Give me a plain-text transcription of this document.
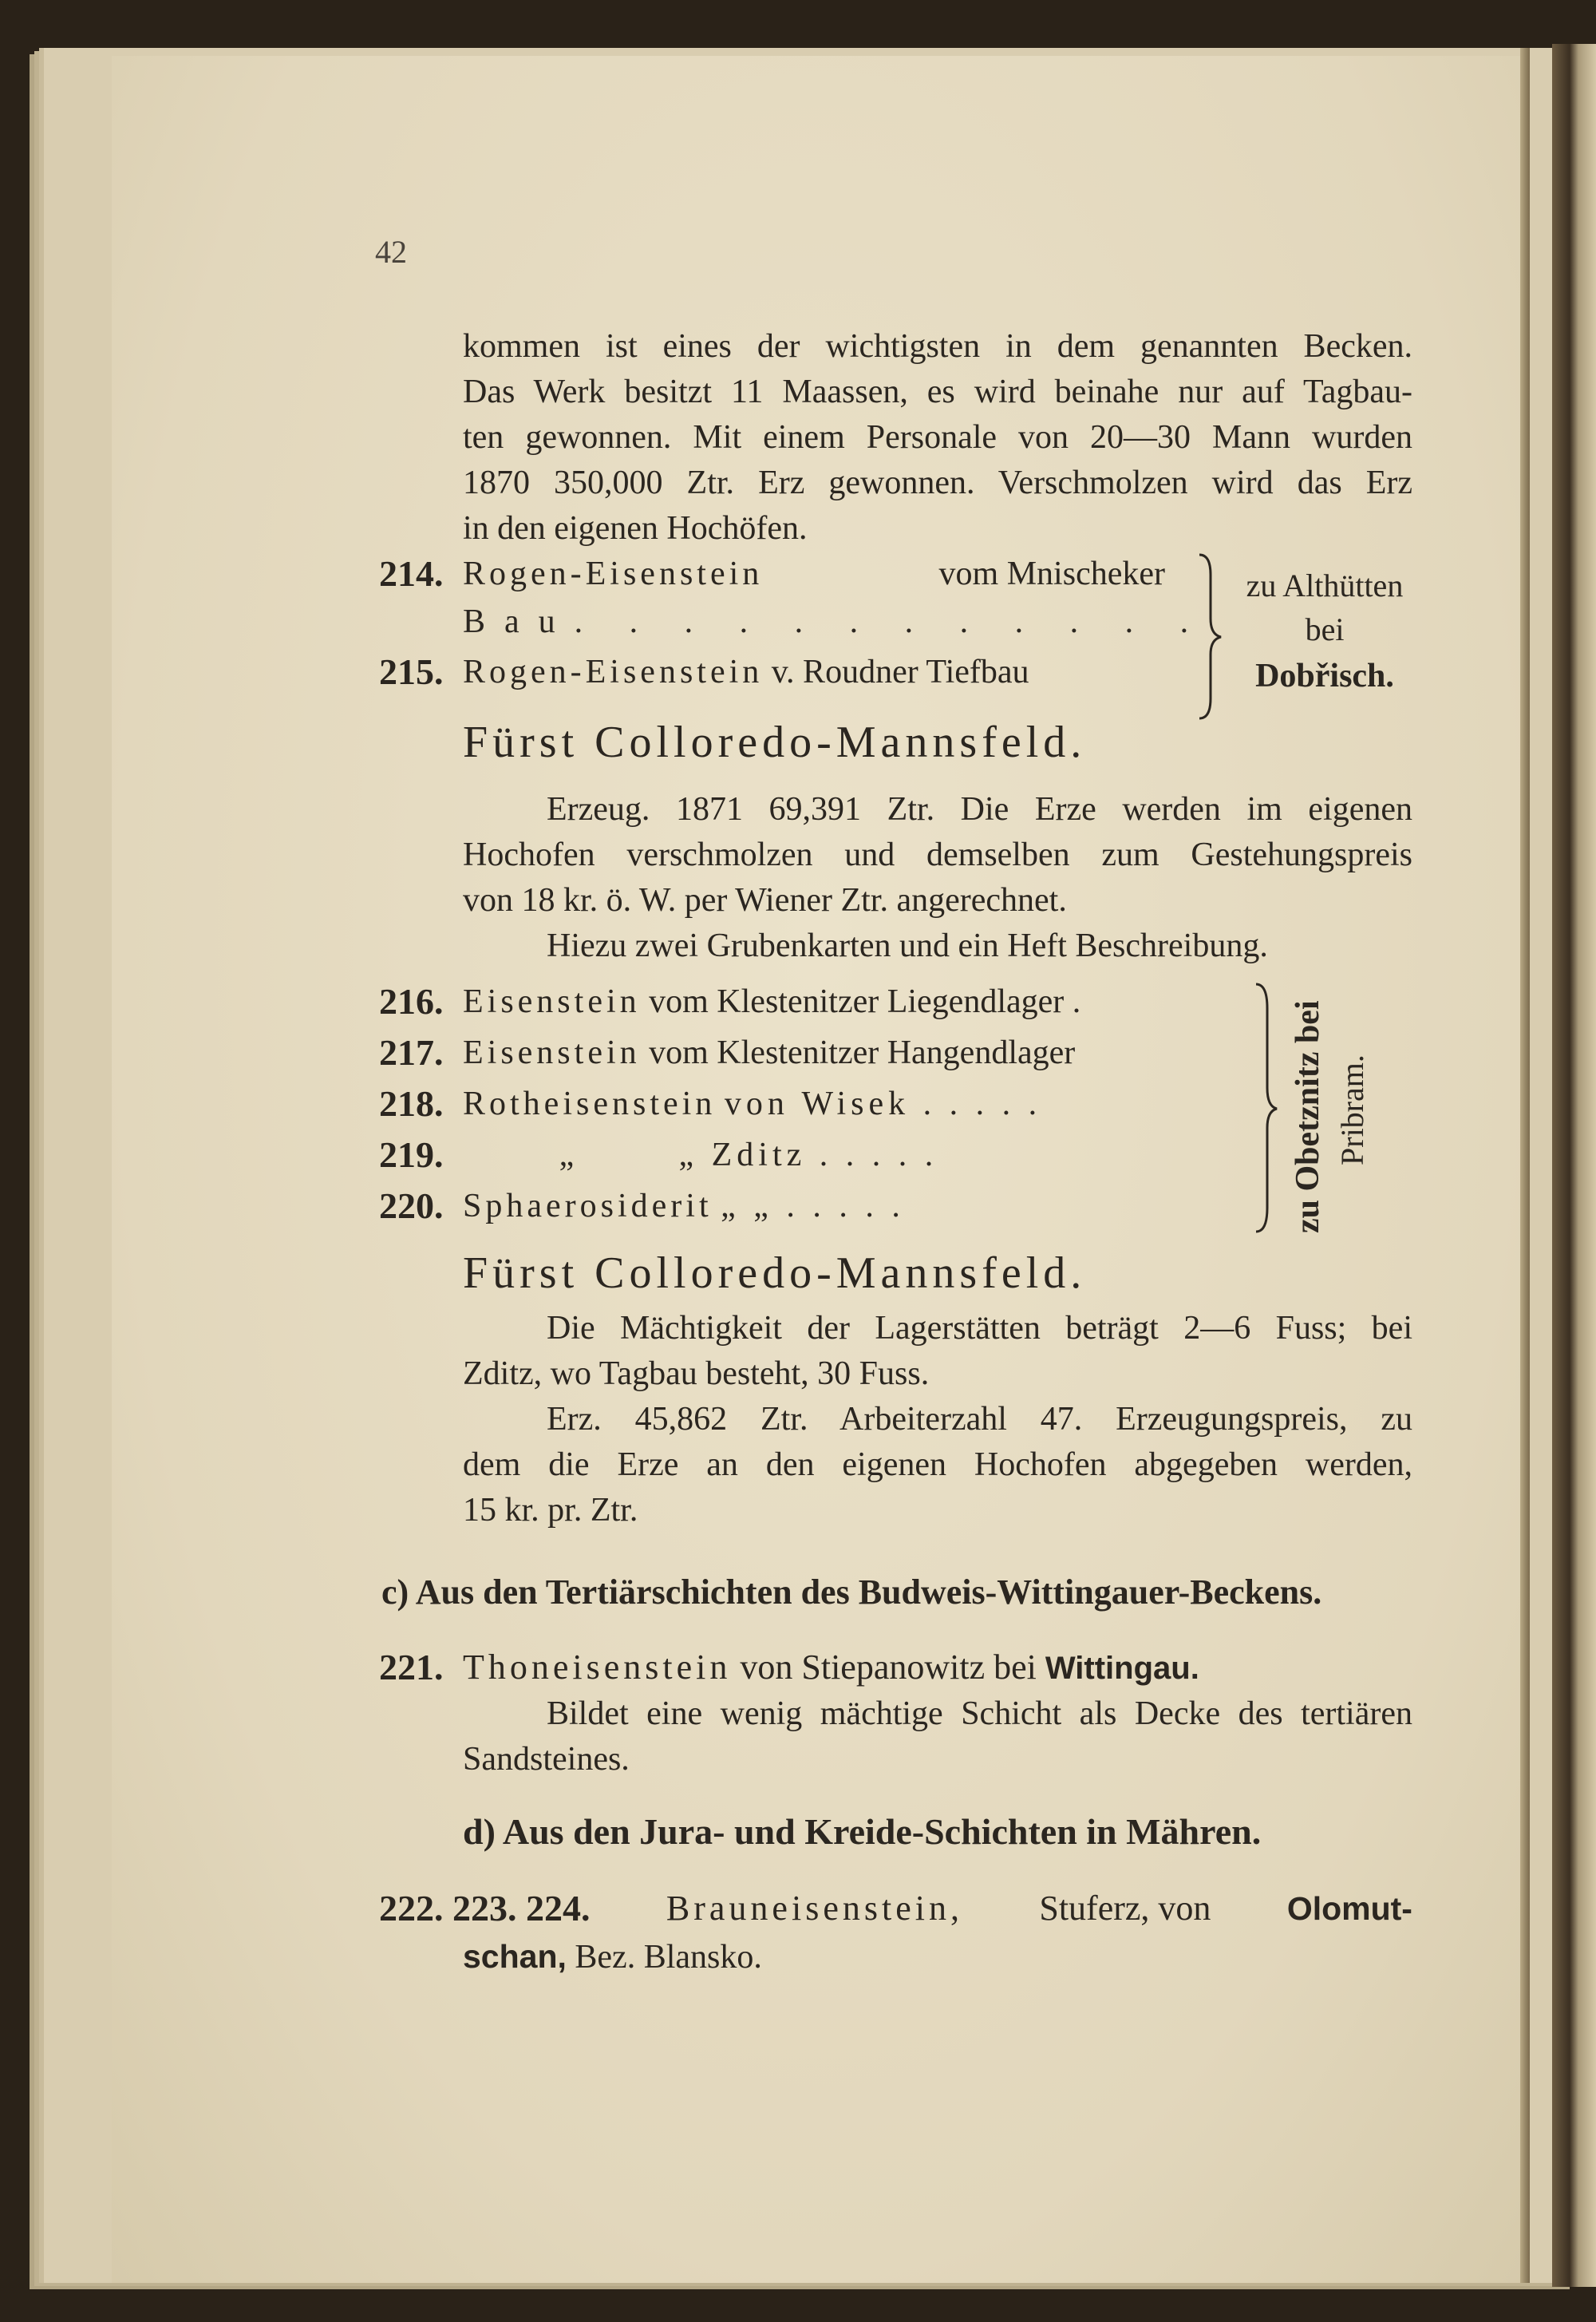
42
kommen ist eines der wichtigsten in dem genannten Becken.
Das Werk besitzt 11 Maassen, es wird beinahe nur auf Tagbau-
ten gewonnen. Mit einem Personale von 20—30 Mann wurden
1870 350,000 Ztr. Erz gewonnen. Verschmolzen wird das Erz
in den eigenen Hochöfen.
214. Rogen-Eisenstein	vom Mnischeker
Bau. . . . . . . . . . . .
215. Rogen-Eisenstein v. Roudner Tiefbau
zu Althütten
bei
Dobřisch.
Fürst Colloredo-Mannsfeld.
Erzeug. 1871 69,391 Ztr. Die Erze werden im eigenen
Hochofen verschmolzen und demselben zum Gestehungspreis
von 18 kr. ö. W. per Wiener Ztr. angerechnet.
Hiezu zwei Grubenkarten und ein Heft Beschreibung.
216. Eisenstein vom Klestenitzer Liegendlager .
217. Eisenstein vom Klestenitzer Hangendlager
218. Rotheisenstein von Wisek . . . . .
219.	„	„ Zditz . . . . .
220. Sphaerosiderit „ „ . . . . .	zu Obetznitz bei Pribram.
Fürst Colloredo-Mannsfeld.
Die Mächtigkeit der Lagerstätten beträgt 2—6 Fuss; bei
Zditz, wo Tagbau besteht, 30 Fuss.
Erz. 45,862 Ztr. Arbeiterzahl 47. Erzeugungspreis, zu
dem die Erze an den eigenen Hochofen abgegeben werden,
15 kr. pr. Ztr.
c) Aus den Tertiärschichten des Budweis-Wittingauer-Beckens.
221. Thoneisenstein von Stiepanowitz bei Wittingau.
Bildet eine wenig mächtige Schicht als Decke des tertiären
Sandsteines.
d) Aus den Jura- und Kreide-Schichten in Mähren.
222. 223. 224. Brauneisenstein, Stuferz, von Olomut-
schan, Bez. Blansko.
